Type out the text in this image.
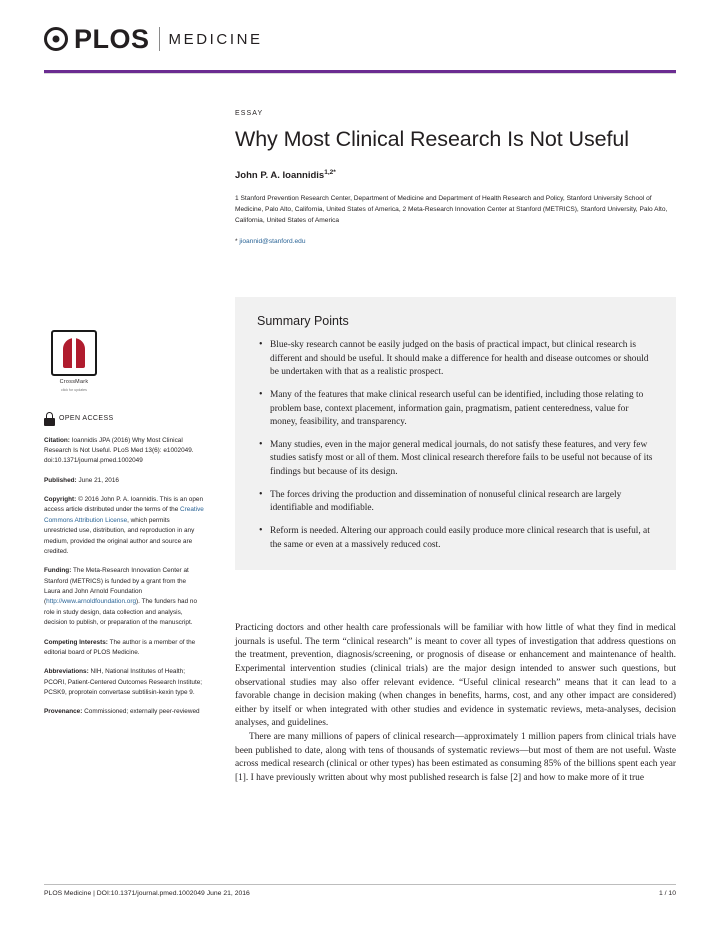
PLOS MEDICINE
CrossMark
click for updates
OPEN ACCESS
Citation: Ioannidis JPA (2016) Why Most Clinical Research Is Not Useful. PLoS Med 13(6): e1002049. doi:10.1371/journal.pmed.1002049
Published: June 21, 2016
Copyright: © 2016 John P. A. Ioannidis. This is an open access article distributed under the terms of the Creative Commons Attribution License, which permits unrestricted use, distribution, and reproduction in any medium, provided the original author and source are credited.
Funding: The Meta-Research Innovation Center at Stanford (METRICS) is funded by a grant from the Laura and John Arnold Foundation (http://www.arnoldfoundation.org). The funders had no role in study design, data collection and analysis, decision to publish, or preparation of the manuscript.
Competing Interests: The author is a member of the editorial board of PLOS Medicine.
Abbreviations: NIH, National Institutes of Health; PCORI, Patient-Centered Outcomes Research Institute; PCSK9, proprotein convertase subtilisin-kexin type 9.
Provenance: Commissioned; externally peer-reviewed
ESSAY
Why Most Clinical Research Is Not Useful
John P. A. Ioannidis$^{1,2*}$
1 Stanford Prevention Research Center, Department of Medicine and Department of Health Research and Policy, Stanford University School of Medicine, Palo Alto, California, United States of America, 2 Meta-Research Innovation Center at Stanford (METRICS), Stanford University, Palo Alto, California, United States of America
* jioannid@stanford.edu
Summary Points
• Blue-sky research cannot be easily judged on the basis of practical impact, but clinical research is different and should be useful. It should make a difference for health and disease outcomes or should be undertaken with that as a realistic prospect.
• Many of the features that make clinical research useful can be identified, including those relating to problem base, context placement, information gain, pragmatism, patient centeredness, value for money, feasibility, and transparency.
• Many studies, even in the major general medical journals, do not satisfy these features, and very few studies satisfy most or all of them. Most clinical research therefore fails to be useful not because of its findings but because of its design.
• The forces driving the production and dissemination of nonuseful clinical research are largely identifiable and modifiable.
• Reform is needed. Altering our approach could easily produce more clinical research that is useful, at the same or even at a massively reduced cost.

Practicing doctors and other health care professionals will be familiar with how little of what they find in medical journals is useful. The term “clinical research” is meant to cover all types of investigation that address questions on the treatment, prevention, diagnosis/screening, or prognosis of disease or enhancement and maintenance of health. Experimental intervention studies (clinical trials) are the major design intended to answer such questions, but observational studies may also offer relevant evidence. “Useful clinical research” means that it can lead to a favorable change in decision making (when changes in benefits, harms, cost, and any other impact are considered) either by itself or when integrated with other studies and evidence in systematic reviews, meta-analyses, decision analyses, and guidelines.

There are many millions of papers of clinical research—approximately 1 million papers from clinical trials have been published to date, along with tens of thousands of systematic reviews—but most of them are not useful. Waste across medical research (clinical or other types) has been estimated as consuming 85% of the billions spent each year [1]. I have previously written about why most published research is false [2] and how to make more of it true

PLOS Medicine | DOI:10.1371/journal.pmed.1002049 June 21, 2016	1 / 10
